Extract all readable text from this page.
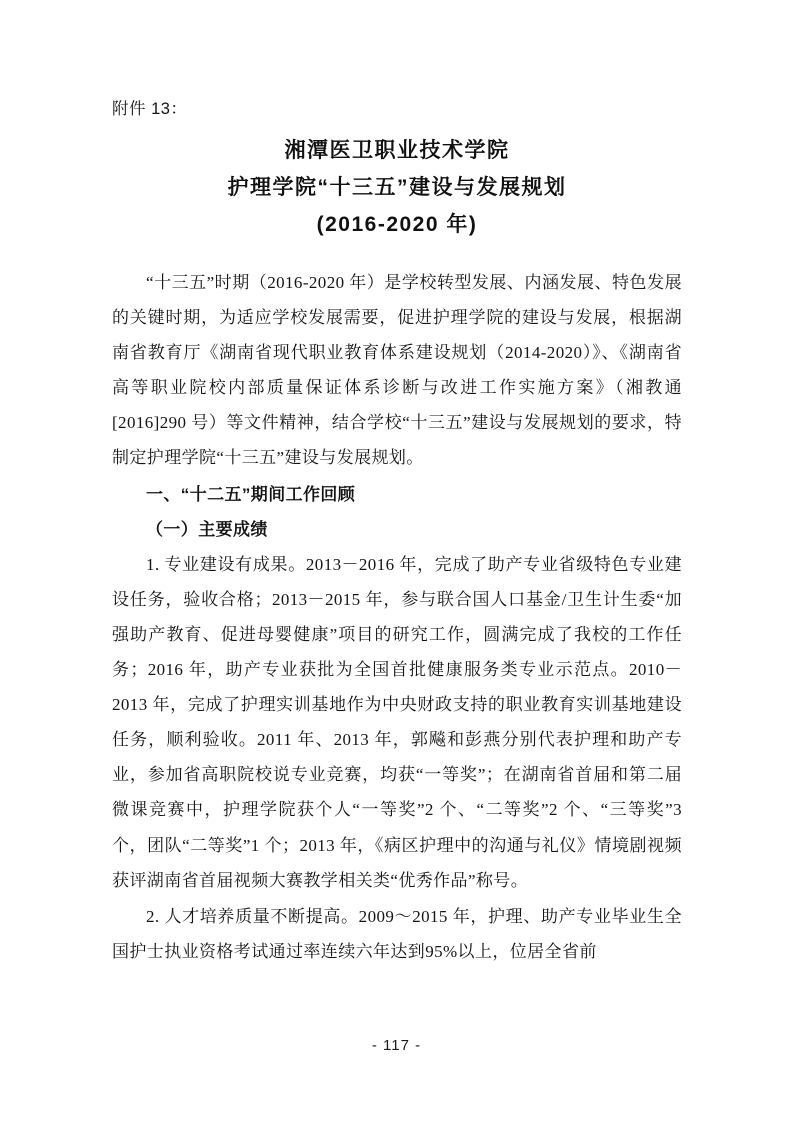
附件 13：
湘潭医卫职业技术学院
护理学院“十三五”建设与发展规划
(2016-2020 年)

“十三五”时期（2016-2020 年）是学校转型发展、内涵发展、特色发展的关键时期，为适应学校发展需要，促进护理学院的建设与发展，根据湖南省教育厅《湖南省现代职业教育体系建设规划（2014-2020）》、《湖南省高等职业院校内部质量保证体系诊断与改进工作实施方案》（湘教通[2016]290 号）等文件精神，结合学校“十三五”建设与发展规划的要求，特制定护理学院“十三五”建设与发展规划。

一、“十二五”期间工作回顾

（一）主要成绩

1. 专业建设有成果。2013－2016 年，完成了助产专业省级特色专业建设任务，验收合格；2013－2015 年，参与联合国人口基金/卫生计生委“加强助产教育、促进母婴健康”项目的研究工作，圆满完成了我校的工作任务；2016 年，助产专业获批为全国首批健康服务类专业示范点。2010－2013 年，完成了护理实训基地作为中央财政支持的职业教育实训基地建设任务，顺利验收。2011 年、2013 年，郭飚和彭燕分别代表护理和助产专业，参加省高职院校说专业竞赛，均获“一等奖”；在湖南省首届和第二届微课竞赛中，护理学院获个人“一等奖”2 个、“二等奖”2 个、“三等奖”3 个，团队“二等奖”1 个；2013 年，《病区护理中的沟通与礼仪》情境剧视频获评湖南省首届视频大赛教学相关类“优秀作品”称号。

2. 人才培养质量不断提高。2009～2015 年，护理、助产专业毕业生全国护士执业资格考试通过率连续六年达到95%以上，位居全省前

- 117 -
